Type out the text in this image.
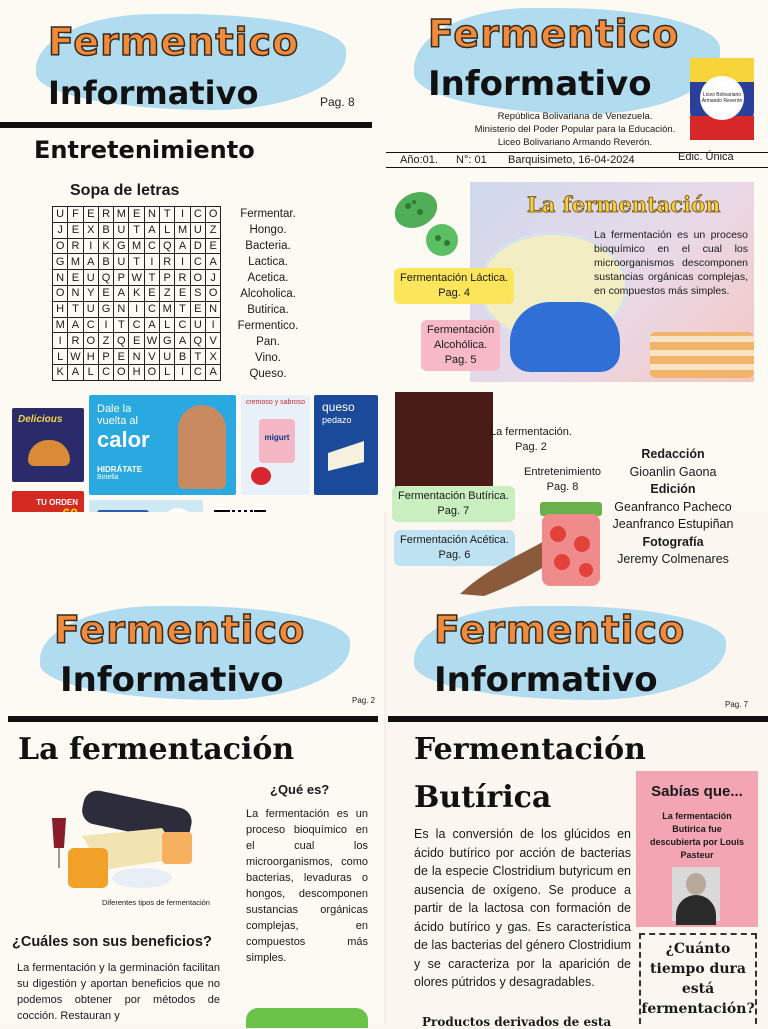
Fermentico
Informativo	Pag. 8
Entretenimiento
Sopa de letras
U	F	E	R	M	E	N	T	I	C	O
J	E	X	B	U	T	A	L	M	U	Z
O	R	I	K	G	M	C	Q	A	D	E
G	M	A	B	U	T	I	R	I	C	A
N	E	U	Q	P	W	T	P	R	O	J
O	N	Y	E	A	K	E	Z	E	S	O
H	T	U	G	N	I	C	M	T	E	N
M	A	C	I	T	C	A	L	C	U	I
I	R	O	Z	Q	E	W	G	A	Q	V
L	W	H	P	E	N	V	U	B	T	X
K	A	L	C	O	H	O	L	I	C	A
Fermentar.
Hongo.
Bacteria.
Lactica.
Acetica.
Alcoholica.
Butirica.
Fermentico.
Pan.
Vino.
Queso.
Delicious
Dale la
vuelta al
calor
HIDRÁTATE
Botella
cremoso y sabroso
migurt
queso
pedazo
TU ORDEN

Fermentico
Informativo	Liceo Bolivariano Armando Reverón
República Bolivariana de Venezuela.
Ministerio del Poder Popular para la Educación.
Liceo Bolivariano Armando Reverón.
Año:01. N°: 01 Barquisimeto, 16-04-2024	Edic. Única
La fermentación
La fermentación es un proceso bioquímico en el cual los microorganismos descomponen sustancias orgánicas complejas, en compuestos más simples.
Fermentación Láctica.
Pag. 4
Fermentación
Alcohólica.
Pag. 5
La fermentación.
Pag. 2
Entretenimiento
Pag. 8
Fermentación Butírica.
Pag. 7
Fermentación Acética.
Pag. 6
Redacción
Gioanlin Gaona
Edición
Geanfranco Pacheco
Jeanfranco Estupiñan
Fotografía
Jeremy Colmenares
Fermentico
Informativo
Pag. 2
La fermentación
Diferentes tipos de fermentación
¿Qué es?
La fermentación es un proceso bioquímico en el cual los microorganismos, como bacterias, levaduras o hongos, descomponen sustancias orgánicas complejas, en compuestos más simples.
¿Cuáles son sus beneficios?
La fermentación y la germinación facilitan su digestión y aportan beneficios que no podemos obtener por métodos de cocción. Restauran y
Fermentico
Informativo
Pag. 7
Fermentación
Butírica
Es la conversión de los glúcidos en ácido butírico por acción de bacterias de la especie Clostridium butyricum en ausencia de oxígeno. Se produce a partir de la lactosa con formación de ácido butírico y gas. Es característica de las bacterias del género Clostridium y se caracteriza por la aparición de olores pútridos y desagradables.
Productos derivados de esta
Sabías que...
La fermentación Butírica fue descubierta por Louis Pasteur
¿Cuánto tiempo dura está fermentación?
